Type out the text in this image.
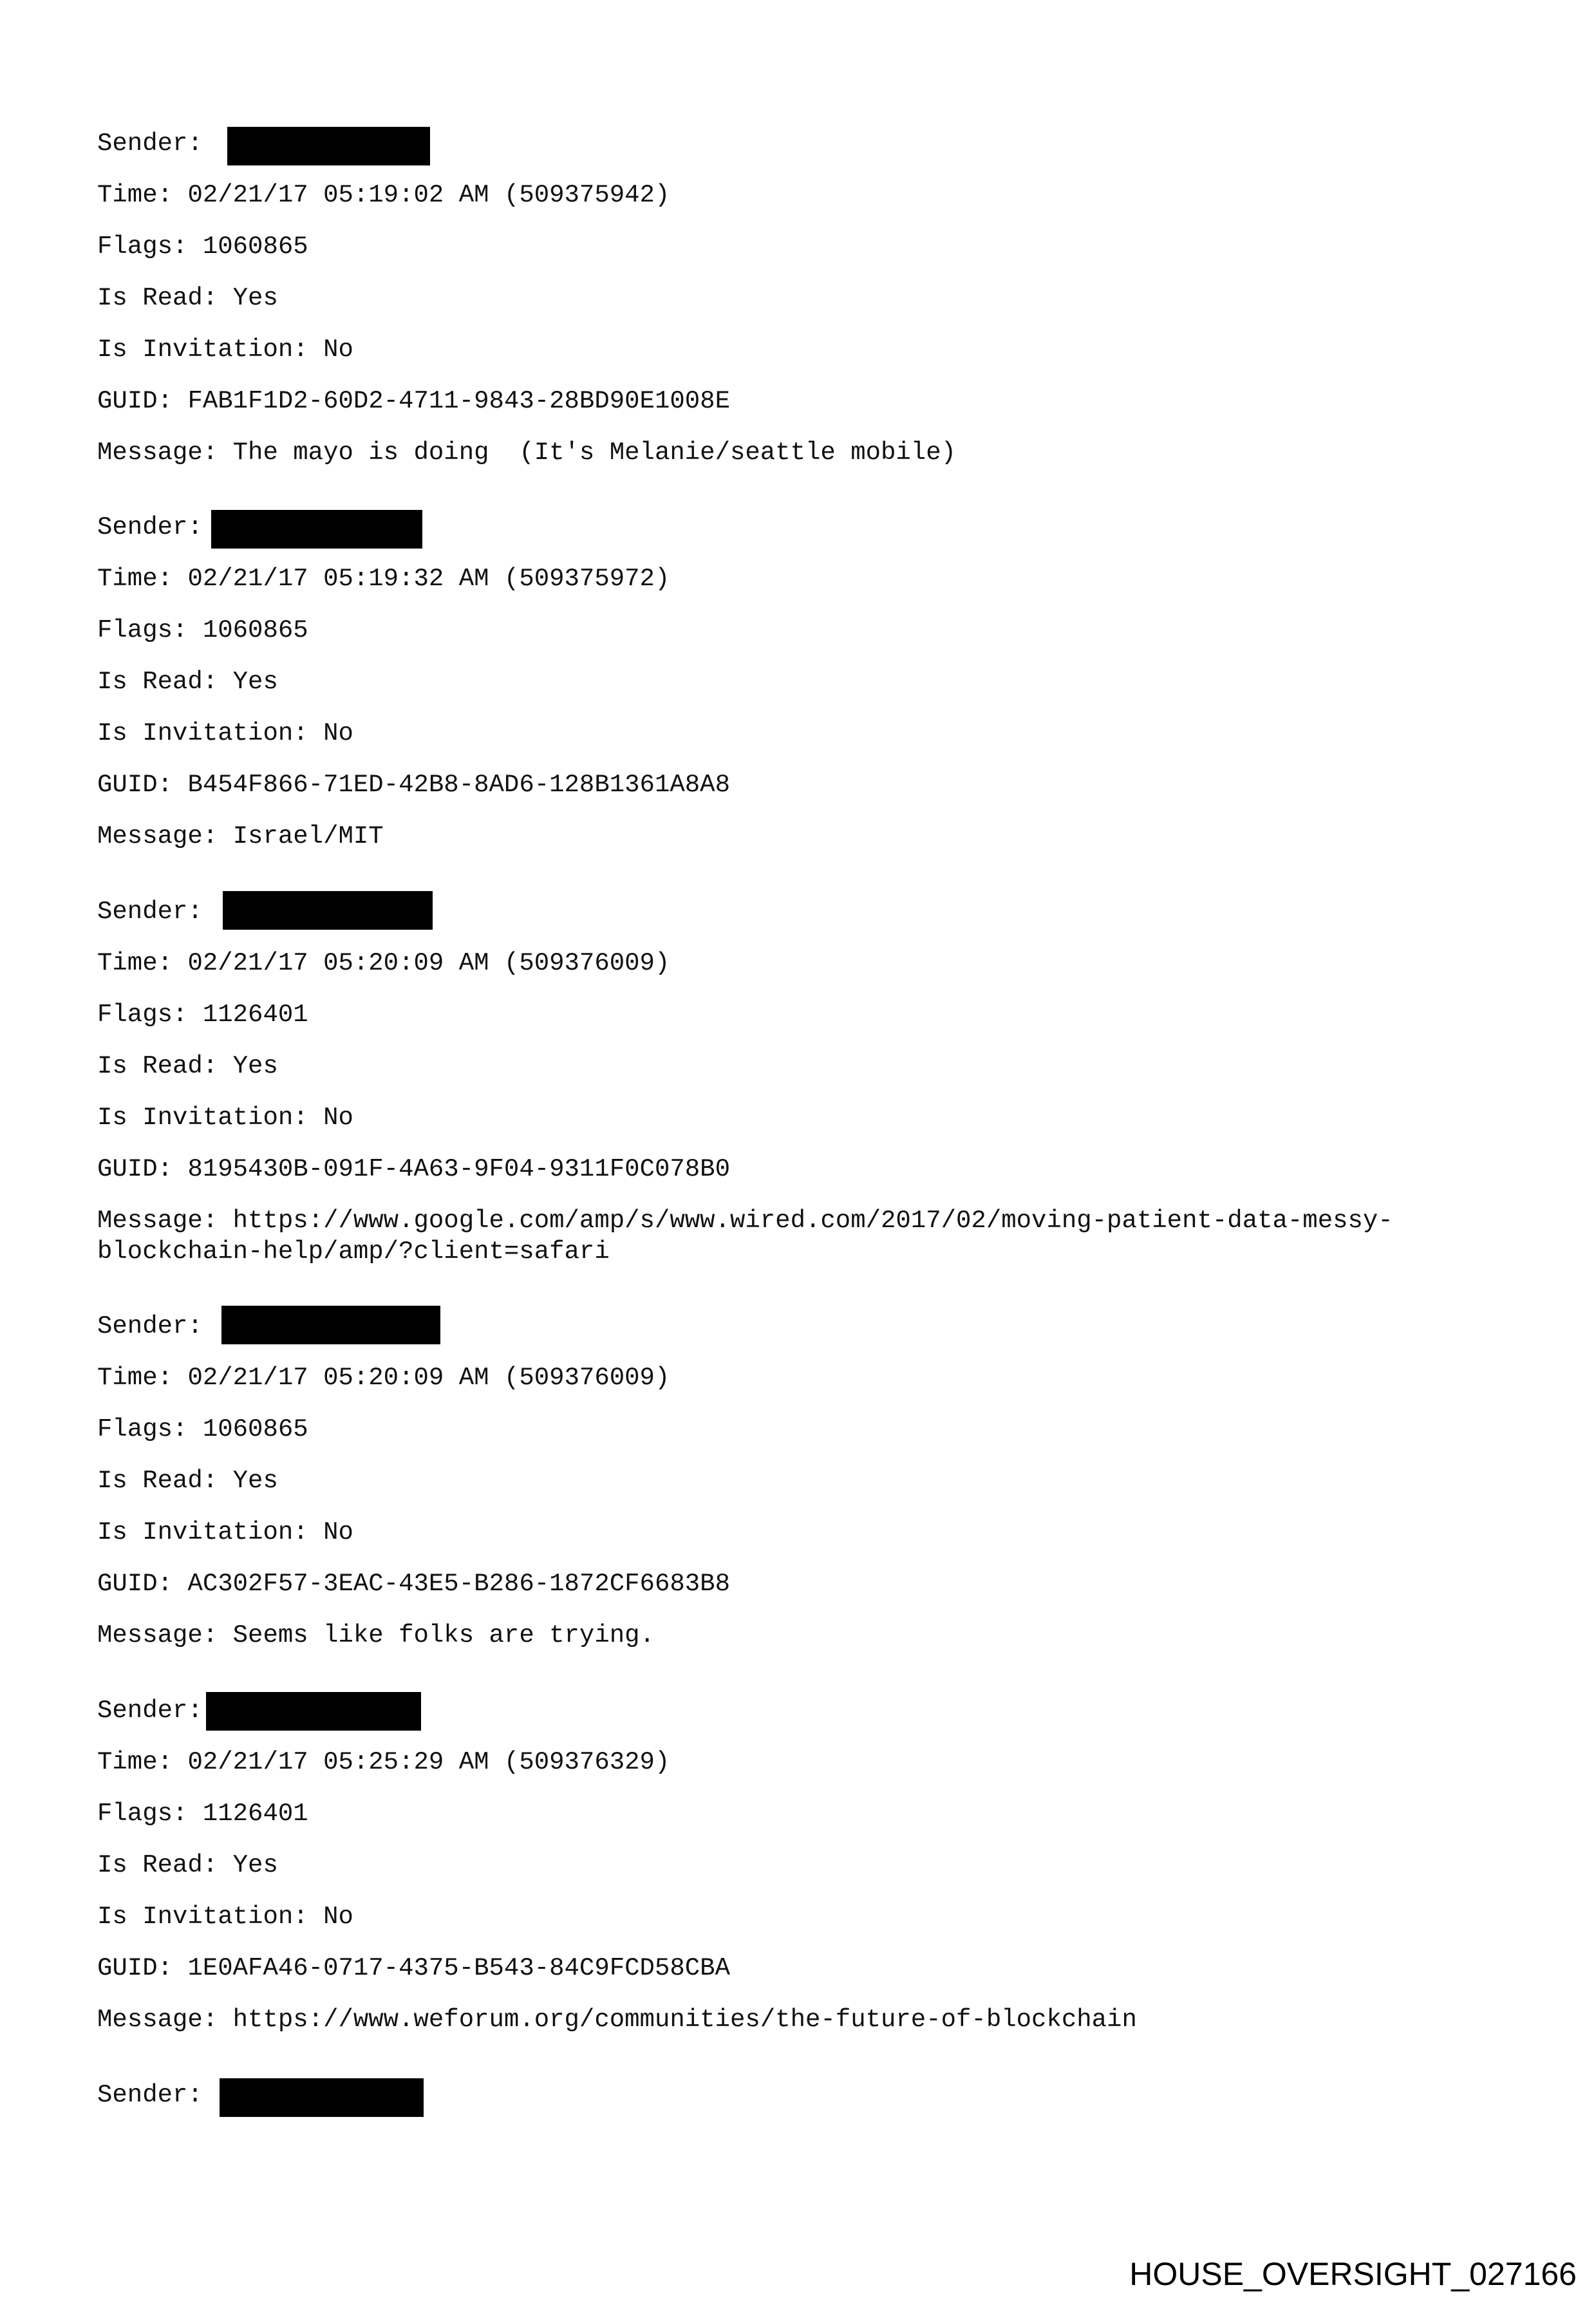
Sender:
Time: 02/21/17 05:19:02 AM (509375942)
Flags: 1060865
Is Read: Yes
Is Invitation: No
GUID: FAB1F1D2-60D2-4711-9843-28BD90E1008E
Message: The mayo is doing  (It's Melanie/seattle mobile)
Sender:
Time: 02/21/17 05:19:32 AM (509375972)
Flags: 1060865
Is Read: Yes
Is Invitation: No
GUID: B454F866-71ED-42B8-8AD6-128B1361A8A8
Message: Israel/MIT
Sender:
Time: 02/21/17 05:20:09 AM (509376009)
Flags: 1126401
Is Read: Yes
Is Invitation: No
GUID: 8195430B-091F-4A63-9F04-9311F0C078B0
Message: https://www.google.com/amp/s/www.wired.com/2017/02/moving-patient-data-messy-
blockchain-help/amp/?client=safari
Sender:
Time: 02/21/17 05:20:09 AM (509376009)
Flags: 1060865
Is Read: Yes
Is Invitation: No
GUID: AC302F57-3EAC-43E5-B286-1872CF6683B8
Message: Seems like folks are trying.
Sender:
Time: 02/21/17 05:25:29 AM (509376329)
Flags: 1126401
Is Read: Yes
Is Invitation: No
GUID: 1E0AFA46-0717-4375-B543-84C9FCD58CBA
Message: https://www.weforum.org/communities/the-future-of-blockchain
Sender:
HOUSE_OVERSIGHT_027166
